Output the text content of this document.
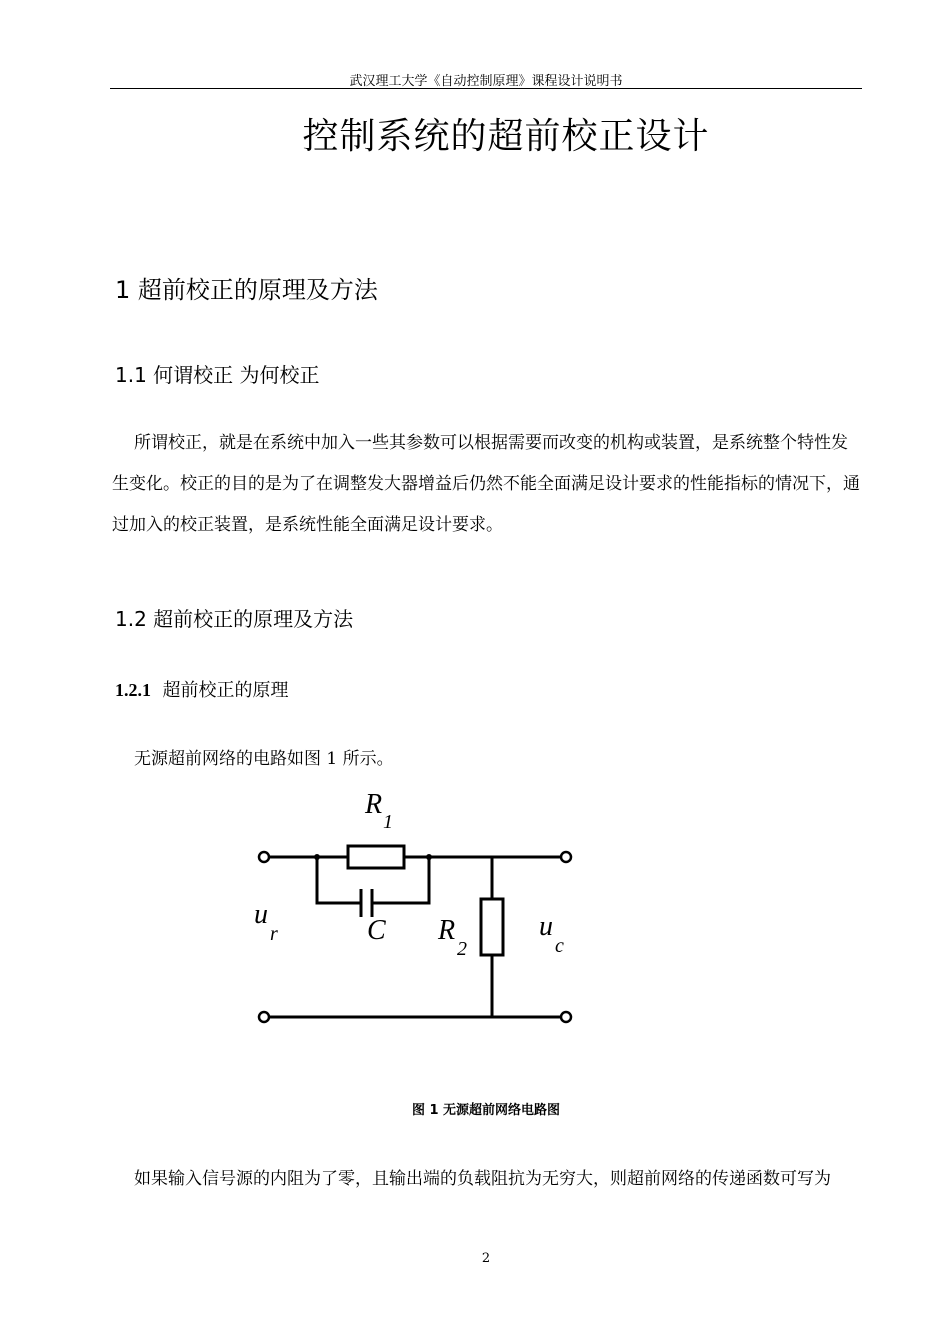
武汉理工大学《自动控制原理》课程设计说明书
控制系统的超前校正设计
1 超前校正的原理及方法
1.1 何谓校正 为何校正
所谓校正，就是在系统中加入一些其参数可以根据需要而改变的机构或装置，是系统整个特性发生变化。校正的目的是为了在调整发大器增益后仍然不能全面满足设计要求的性能指标的情况下，通过加入的校正装置，是系统性能全面满足设计要求。
1.2 超前校正的原理及方法
1.2.1 超前校正的原理
无源超前网络的电路如图 1 所示。
R
1
C R
2
u
r	u
c
图 1 无源超前网络电路图
如果输入信号源的内阻为了零，且输出端的负载阻抗为无穷大，则超前网络的传递函数可写为
2
